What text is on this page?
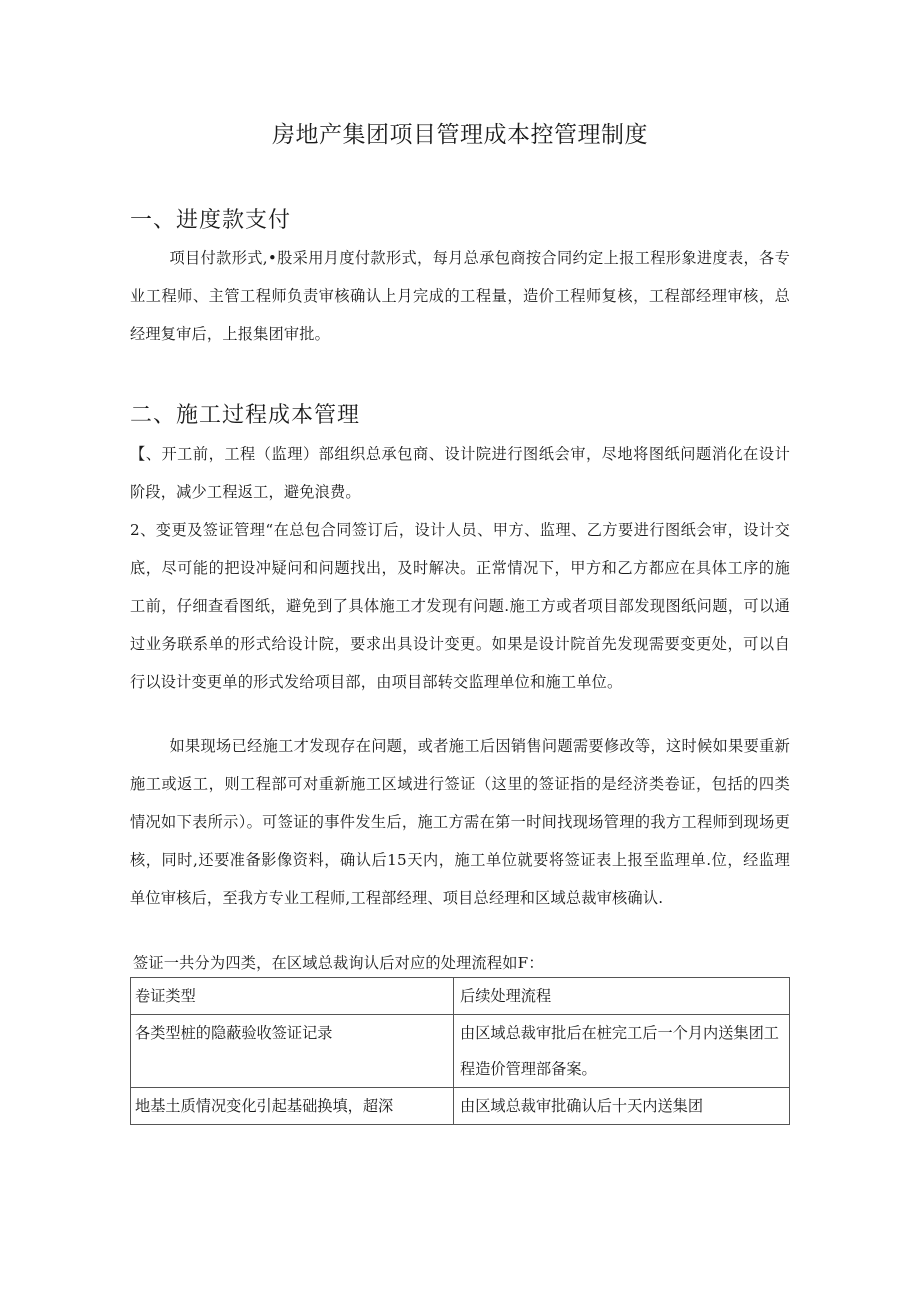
房地产集团项目管理成本控管理制度
一、进度款支付
项目付款形式,•股采用月度付款形式，每月总承包商按合同约定上报工程形象进度表，各专业工程师、主管工程师负责审核确认上月完成的工程量，造价工程师复核，工程部经理审核，总经理复审后，上报集团审批。
二、施工过程成本管理
【、开工前，工程（监理）部组织总承包商、设计院进行图纸会审，尽地将图纸问题消化在设计阶段，减少工程返工，避免浪费。
2、变更及签证管理“在总包合同签订后，设计人员、甲方、监理、乙方要进行图纸会审，设计交底，尽可能的把设冲疑问和问题找出，及时解决。正常情况下，甲方和乙方都应在具体工序的施工前，仔细查看图纸，避免到了具体施工才发现有问题.施工方或者项目部发现图纸问题，可以通过业务联系单的形式给设计院，要求出具设计变更。如果是设计院首先发现需要变更处，可以自行以设计变更单的形式发给项目部，由项目部转交监理单位和施工单位。
如果现场已经施工才发现存在问题，或者施工后因销售问题需要修改等，这时候如果要重新施工或返工，则工程部可对重新施工区域进行签证（这里的签证指的是经济类卷证，包括的四类情况如下表所示）。可签证的事件发生后，施工方需在第一时间找现场管理的我方工程师到现场更核，同时,还要准备影像资料，确认后15天内，施工单位就要将签证表上报至监理单.位，经监理单位审核后，至我方专业工程师,工程部经理、项目总经理和区域总裁审核确认.
签证一共分为四类，在区域总裁询认后对应的处理流程如F：
卷证类型	后续处理流程
各类型桩的隐蔽验收签证记录	由区域总裁审批后在桩完工后一个月内送集团工程造价管理部备案。
地基土质情况变化引起基础换填，超深	由区域总裁审批确认后十天内送集团
